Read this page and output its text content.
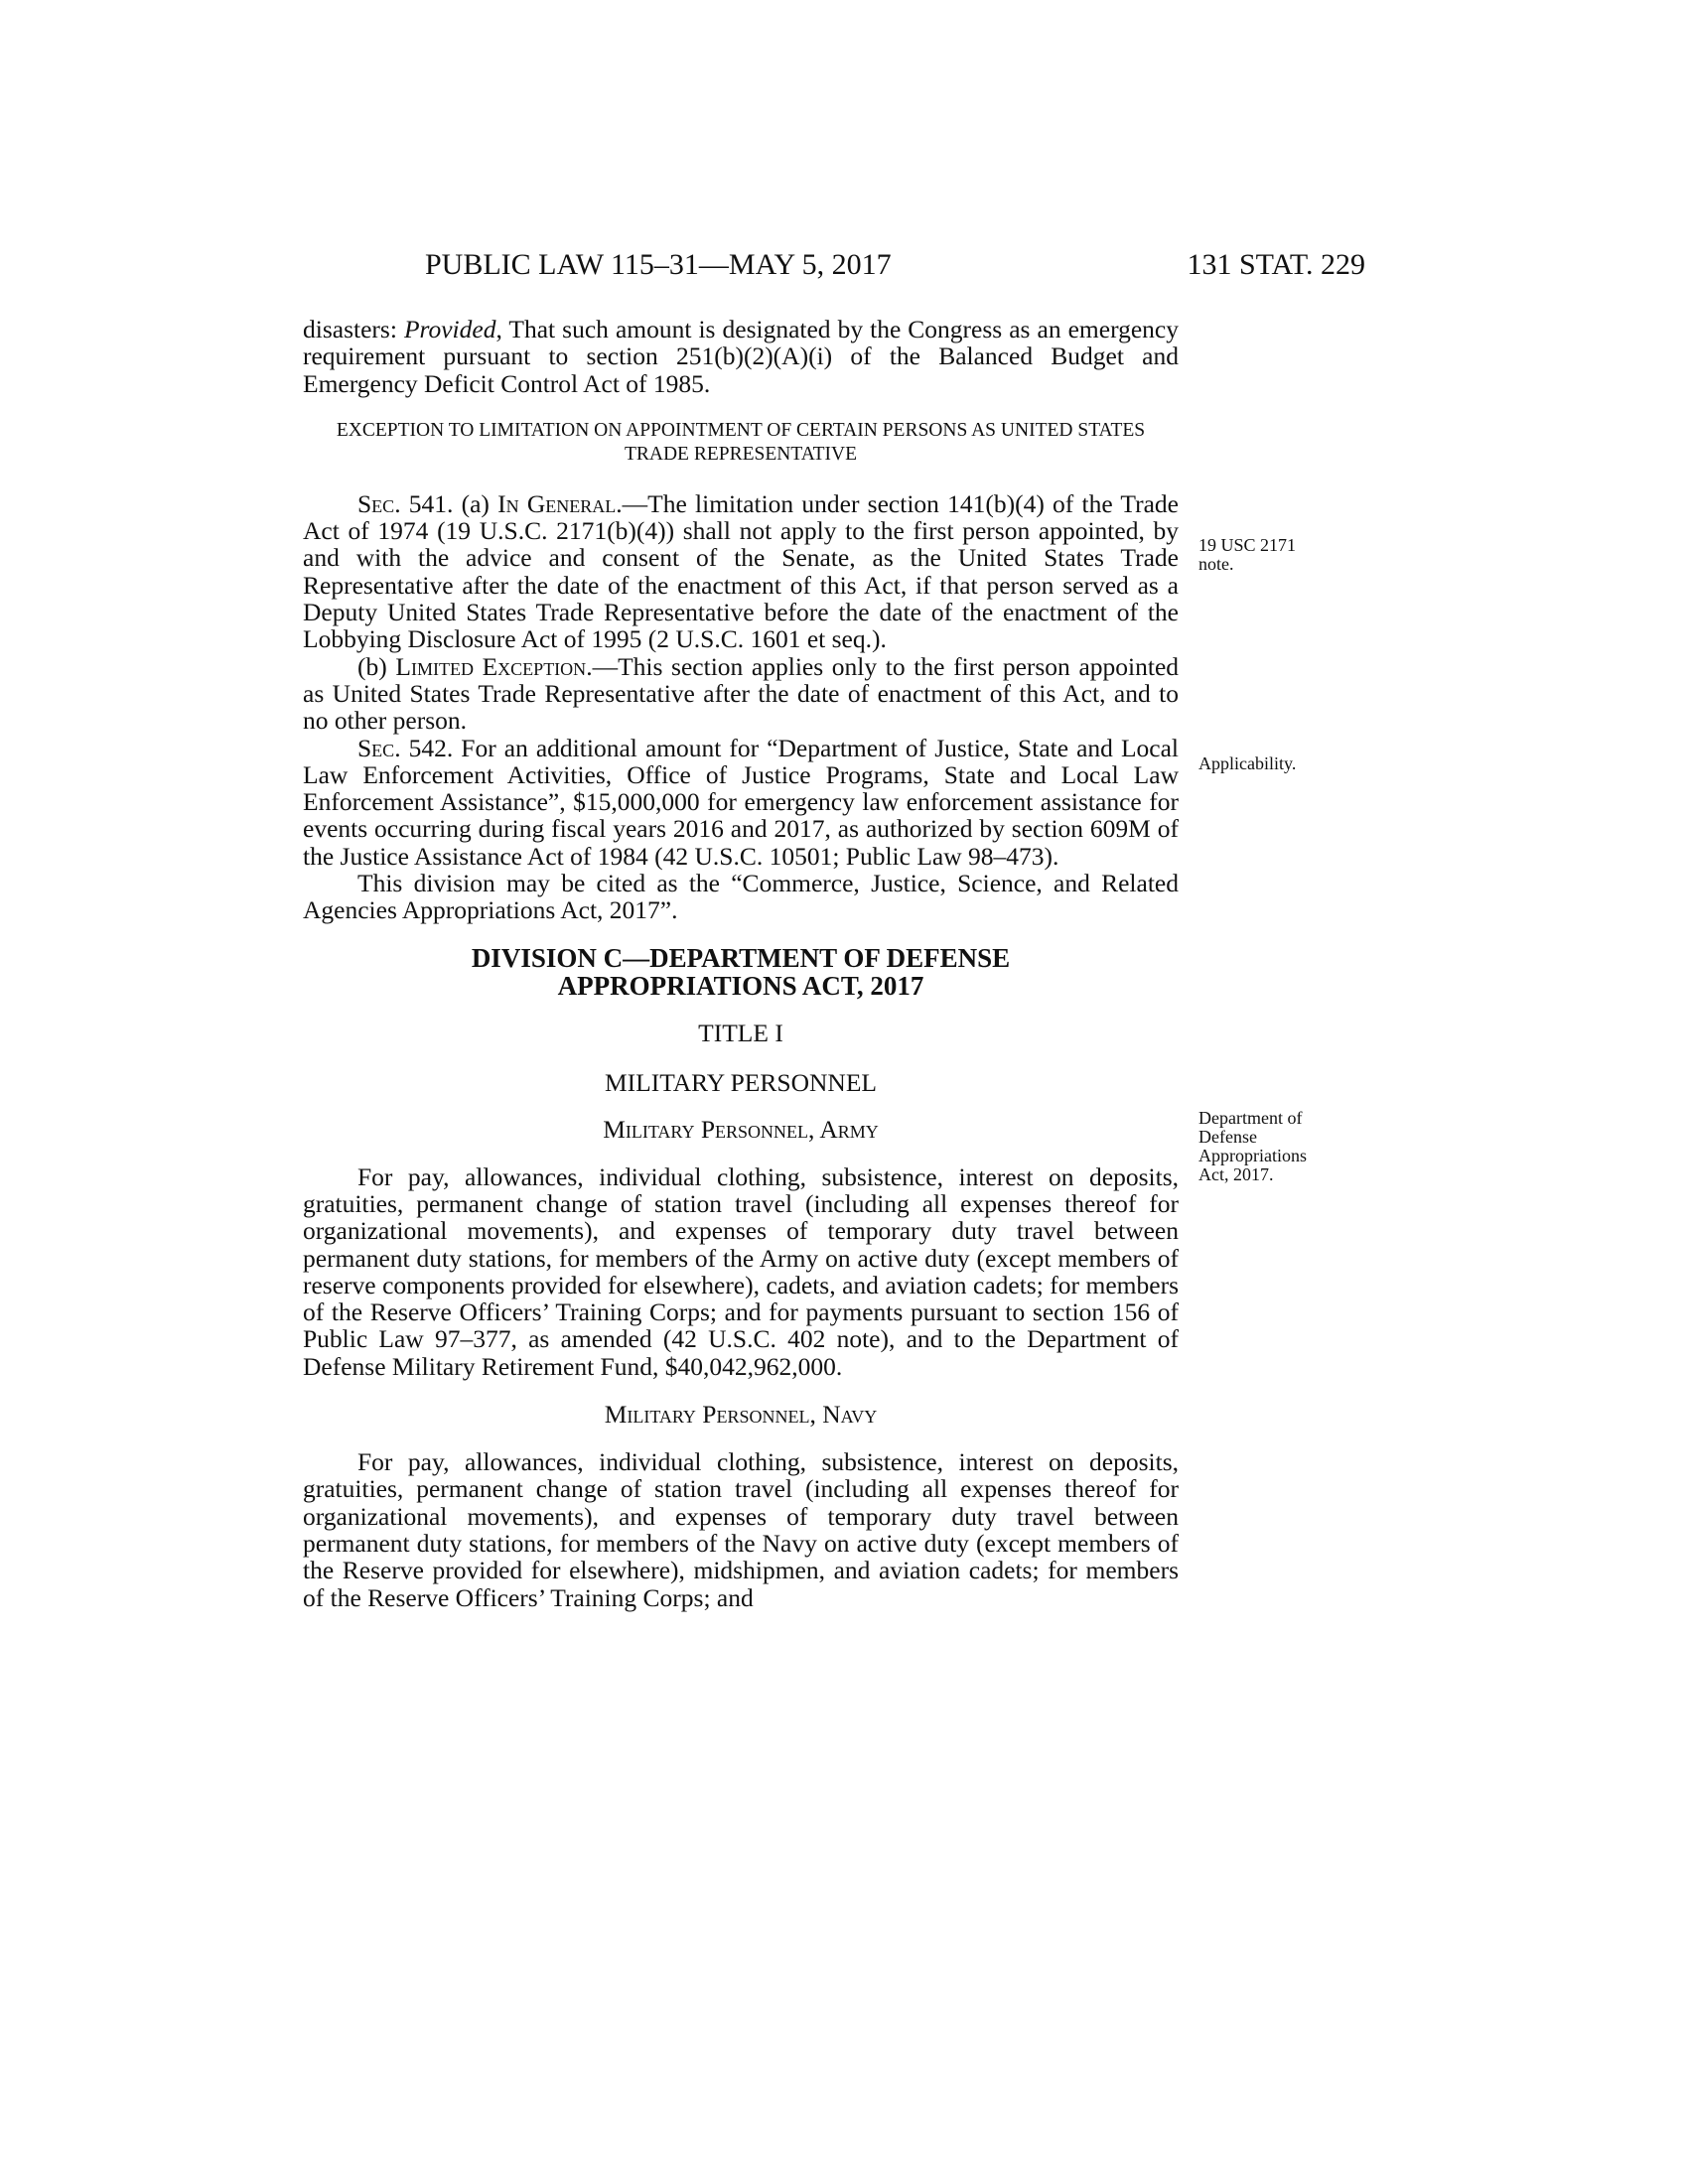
PUBLIC LAW 115–31—MAY 5, 2017	131 STAT. 229

disasters: Provided, That such amount is designated by the Congress as an emergency requirement pursuant to section 251(b)(2)(A)(i) of the Balanced Budget and Emergency Deficit Control Act of 1985.

EXCEPTION TO LIMITATION ON APPOINTMENT OF CERTAIN PERSONS AS UNITED STATES TRADE REPRESENTATIVE

Sec. 541. (a) In General.—The limitation under section 141(b)(4) of the Trade Act of 1974 (19 U.S.C. 2171(b)(4)) shall not apply to the first person appointed, by and with the advice and consent of the Senate, as the United States Trade Representative after the date of the enactment of this Act, if that person served as a Deputy United States Trade Representative before the date of the enactment of the Lobbying Disclosure Act of 1995 (2 U.S.C. 1601 et seq.).

(b) Limited Exception.—This section applies only to the first person appointed as United States Trade Representative after the date of enactment of this Act, and to no other person.

Sec. 542. For an additional amount for “Department of Justice, State and Local Law Enforcement Activities, Office of Justice Programs, State and Local Law Enforcement Assistance”, $15,000,000 for emergency law enforcement assistance for events occurring during fiscal years 2016 and 2017, as authorized by section 609M of the Justice Assistance Act of 1984 (42 U.S.C. 10501; Public Law 98–473).

This division may be cited as the “Commerce, Justice, Science, and Related Agencies Appropriations Act, 2017”.

DIVISION C—DEPARTMENT OF DEFENSE

APPROPRIATIONS ACT, 2017

TITLE I

MILITARY PERSONNEL

Military Personnel, Army

For pay, allowances, individual clothing, subsistence, interest on deposits, gratuities, permanent change of station travel (including all expenses thereof for organizational movements), and expenses of temporary duty travel between permanent duty stations, for members of the Army on active duty (except members of reserve components provided for elsewhere), cadets, and aviation cadets; for members of the Reserve Officers’ Training Corps; and for payments pursuant to section 156 of Public Law 97–377, as amended (42 U.S.C. 402 note), and to the Department of Defense Military Retirement Fund, $40,042,962,000.

Military Personnel, Navy

For pay, allowances, individual clothing, subsistence, interest on deposits, gratuities, permanent change of station travel (including all expenses thereof for organizational movements), and expenses of temporary duty travel between permanent duty stations, for members of the Navy on active duty (except members of the Reserve provided for elsewhere), midshipmen, and aviation cadets; for members of the Reserve Officers’ Training Corps; and

19 USC 2171
note.
Applicability.
Department of
Defense
Appropriations
Act, 2017.
